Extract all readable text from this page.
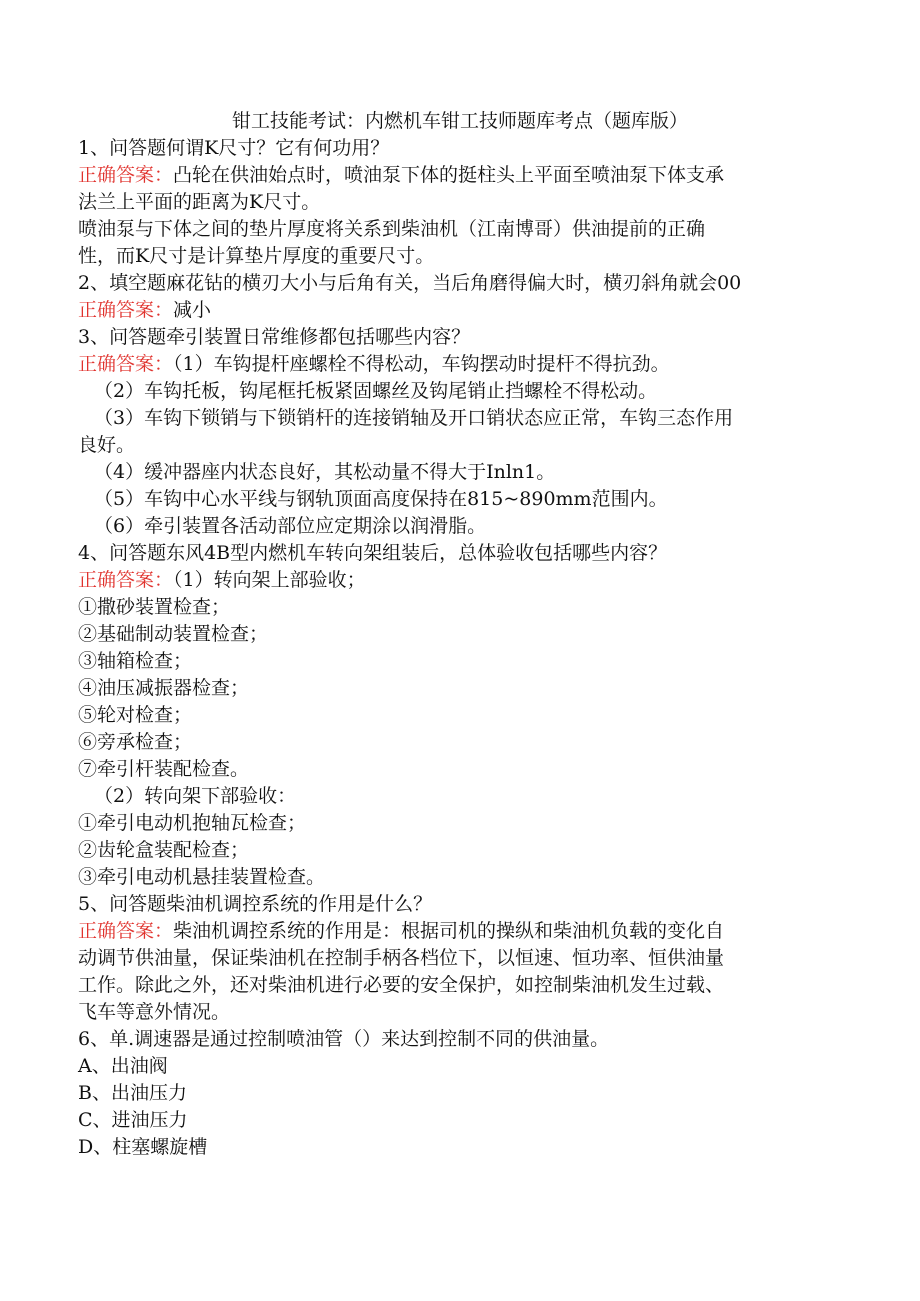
钳工技能考试：内燃机车钳工技师题库考点（题库版）

1、问答题何谓K尺寸？它有何功用？

正确答案：凸轮在供油始点时，喷油泵下体的挺柱头上平面至喷油泵下体支承

法兰上平面的距离为K尺寸。

喷油泵与下体之间的垫片厚度将关系到柴油机（江南博哥）供油提前的正确

性，而K尺寸是计算垫片厚度的重要尺寸。

2、填空题麻花钻的横刃大小与后角有关，当后角磨得偏大时，横刃斜角就会00

正确答案：减小

3、问答题牵引装置日常维修都包括哪些内容？

正确答案：（1）车钩提杆座螺栓不得松动，车钩摆动时提杆不得抗劲。

（2）车钩托板，钩尾框托板紧固螺丝及钩尾销止挡螺栓不得松动。

（3）车钩下锁销与下锁销杆的连接销轴及开口销状态应正常，车钩三态作用

良好。

（4）缓冲器座内状态良好，其松动量不得大于Inln1。

（5）车钩中心水平线与钢轨顶面高度保持在815~890mm范围内。

（6）牵引装置各活动部位应定期涂以润滑脂。

4、问答题东风4B型内燃机车转向架组装后，总体验收包括哪些内容？

正确答案：（1）转向架上部验收；

①撒砂装置检查；

②基础制动装置检查；

③轴箱检查；

④油压减振器检查；

⑤轮对检查；

⑥旁承检查；

⑦牵引杆装配检查。

（2）转向架下部验收：

①牵引电动机抱轴瓦检查；

②齿轮盒装配检查；

③牵引电动机悬挂装置检查。

5、问答题柴油机调控系统的作用是什么？

正确答案：柴油机调控系统的作用是：根据司机的操纵和柴油机负载的变化自

动调节供油量，保证柴油机在控制手柄各档位下，以恒速、恒功率、恒供油量

工作。除此之外，还对柴油机进行必要的安全保护，如控制柴油机发生过载、

飞车等意外情况。

6、单.调速器是通过控制喷油管（）来达到控制不同的供油量。

A、出油阀

B、出油压力

C、进油压力

D、柱塞螺旋槽
